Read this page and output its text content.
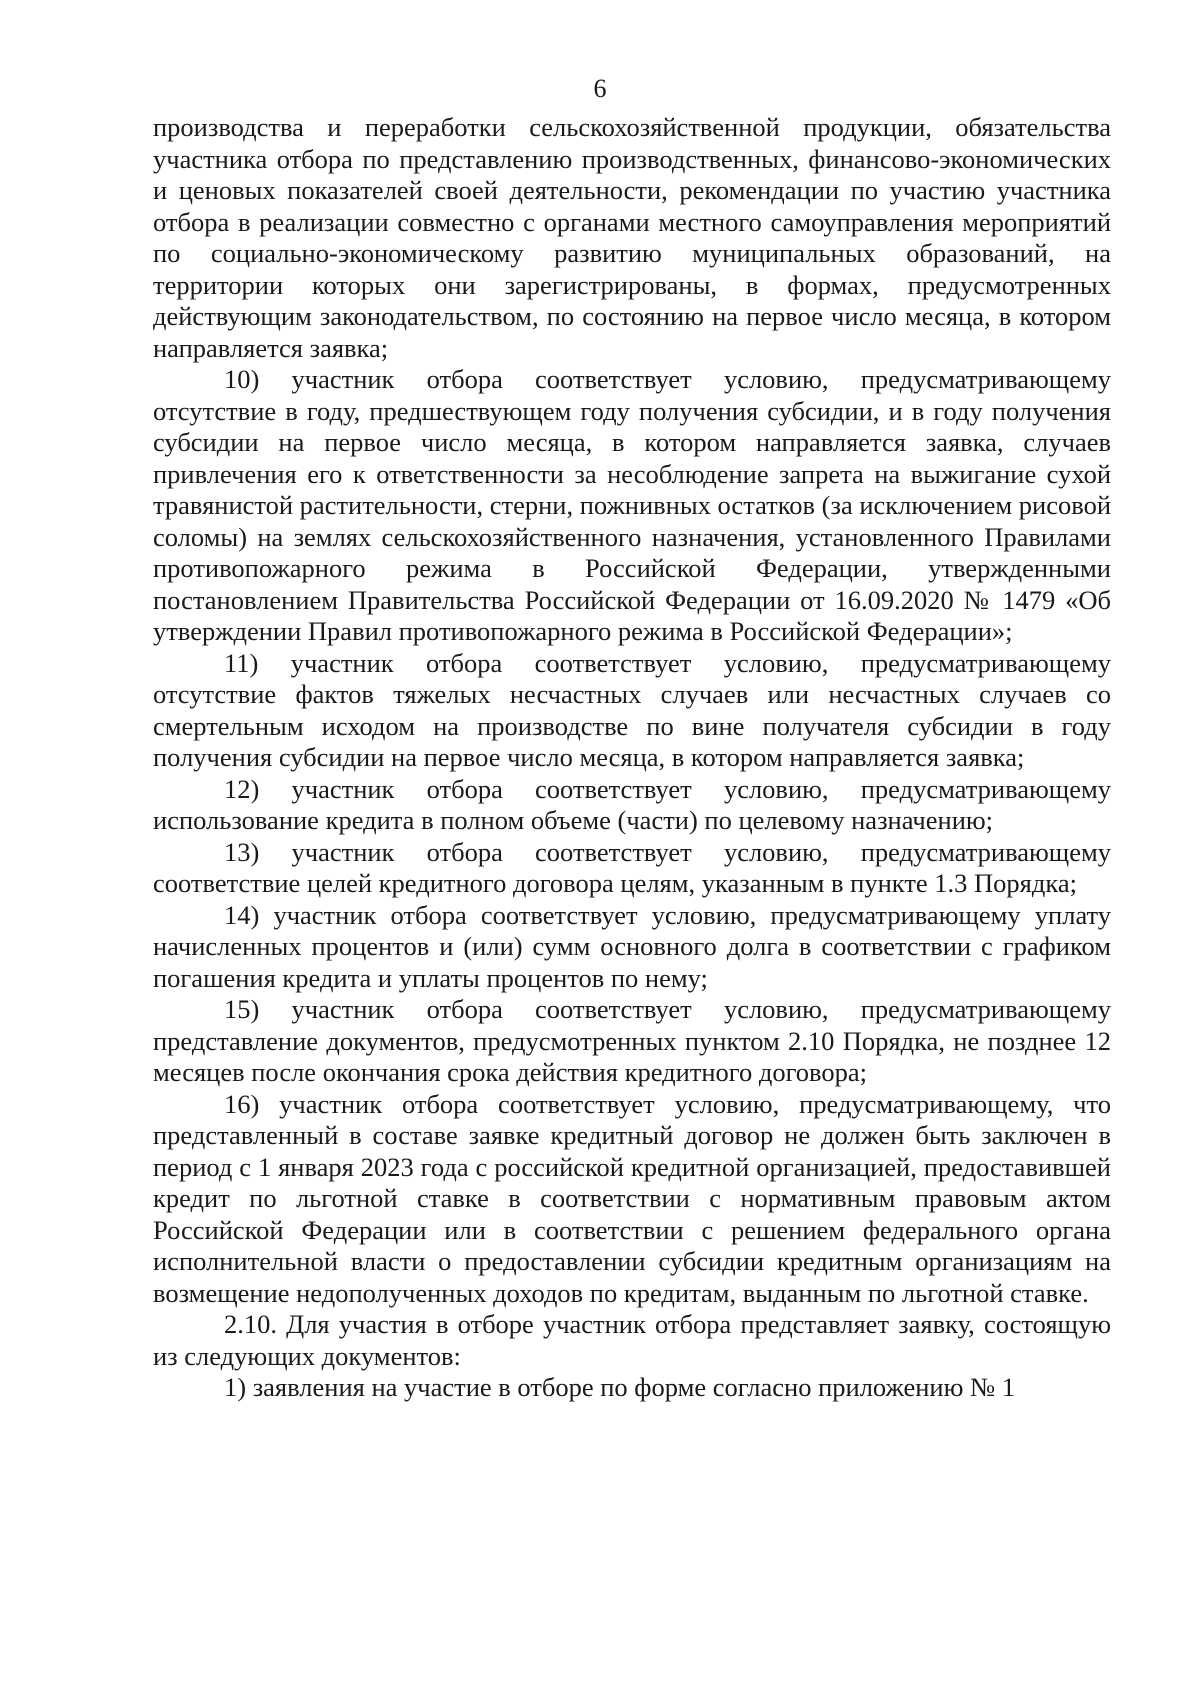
6

производства и переработки сельскохозяйственной продукции, обязательства участника отбора по представлению производственных, финансово-экономических и ценовых показателей своей деятельности, рекомендации по участию участника отбора в реализации совместно с органами местного самоуправления мероприятий по социально-экономическому развитию муниципальных образований, на территории которых они зарегистрированы, в формах, предусмотренных действующим законодательством, по состоянию на первое число месяца, в котором направляется заявка;

10) участник отбора соответствует условию, предусматривающему отсутствие в году, предшествующем году получения субсидии, и в году получения субсидии на первое число месяца, в котором направляется заявка, случаев привлечения его к ответственности за несоблюдение запрета на выжигание сухой травянистой растительности, стерни, пожнивных остатков (за исключением рисовой соломы) на землях сельскохозяйственного назначения, установленного Правилами противопожарного режима в Российской Федерации, утвержденными постановлением Правительства Российской Федерации от 16.09.2020 № 1479 «Об утверждении Правил противопожарного режима в Российской Федерации»;

11) участник отбора соответствует условию, предусматривающему отсутствие фактов тяжелых несчастных случаев или несчастных случаев со смертельным исходом на производстве по вине получателя субсидии в году получения субсидии на первое число месяца, в котором направляется заявка;

12) участник отбора соответствует условию, предусматривающему использование кредита в полном объеме (части) по целевому назначению;

13) участник отбора соответствует условию, предусматривающему соответствие целей кредитного договора целям, указанным в пункте 1.3 Порядка;

14) участник отбора соответствует условию, предусматривающему уплату начисленных процентов и (или) сумм основного долга в соответствии с графиком погашения кредита и уплаты процентов по нему;

15) участник отбора соответствует условию, предусматривающему представление документов, предусмотренных пунктом 2.10 Порядка, не позднее 12 месяцев после окончания срока действия кредитного договора;

16) участник отбора соответствует условию, предусматривающему, что представленный в составе заявке кредитный договор не должен быть заключен в период с 1 января 2023 года с российской кредитной организацией, предоставившей кредит по льготной ставке в соответствии с нормативным правовым актом Российской Федерации или в соответствии с решением федерального органа исполнительной власти о предоставлении субсидии кредитным организациям на возмещение недополученных доходов по кредитам, выданным по льготной ставке.

2.10. Для участия в отборе участник отбора представляет заявку, состоящую из следующих документов:

1) заявления на участие в отборе по форме согласно приложению № 1
